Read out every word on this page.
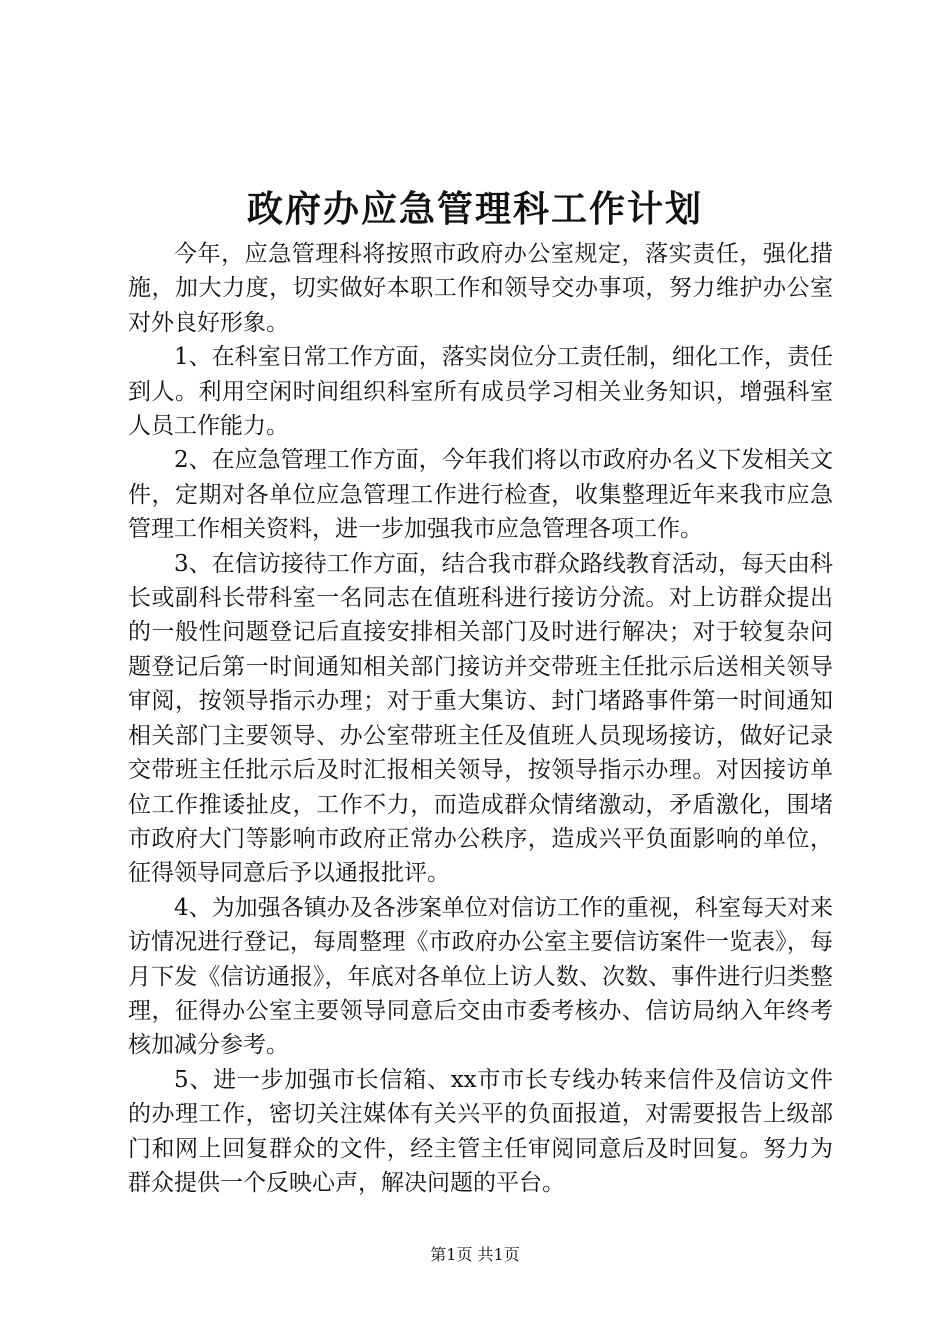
政府办应急管理科工作计划

今年，应急管理科将按照市政府办公室规定，落实责任，强化措施，加大力度，切实做好本职工作和领导交办事项，努力维护办公室对外良好形象。

1、在科室日常工作方面，落实岗位分工责任制，细化工作，责任到人。利用空闲时间组织科室所有成员学习相关业务知识，增强科室人员工作能力。

2、在应急管理工作方面，今年我们将以市政府办名义下发相关文件，定期对各单位应急管理工作进行检查，收集整理近年来我市应急管理工作相关资料，进一步加强我市应急管理各项工作。

3、在信访接待工作方面，结合我市群众路线教育活动，每天由科长或副科长带科室一名同志在值班科进行接访分流。对上访群众提出的一般性问题登记后直接安排相关部门及时进行解决；对于较复杂问题登记后第一时间通知相关部门接访并交带班主任批示后送相关领导审阅，按领导指示办理；对于重大集访、封门堵路事件第一时间通知相关部门主要领导、办公室带班主任及值班人员现场接访，做好记录交带班主任批示后及时汇报相关领导，按领导指示办理。对因接访单位工作推诿扯皮，工作不力，而造成群众情绪激动，矛盾激化，围堵市政府大门等影响市政府正常办公秩序，造成兴平负面影响的单位，征得领导同意后予以通报批评。

4、为加强各镇办及各涉案单位对信访工作的重视，科室每天对来访情况进行登记，每周整理《市政府办公室主要信访案件一览表》，每月下发《信访通报》，年底对各单位上访人数、次数、事件进行归类整理，征得办公室主要领导同意后交由市委考核办、信访局纳入年终考核加减分参考。

5、进一步加强市长信箱、xx市市长专线办转来信件及信访文件的办理工作，密切关注媒体有关兴平的负面报道，对需要报告上级部门和网上回复群众的文件，经主管主任审阅同意后及时回复。努力为群众提供一个反映心声，解决问题的平台。

第1页 共1页
